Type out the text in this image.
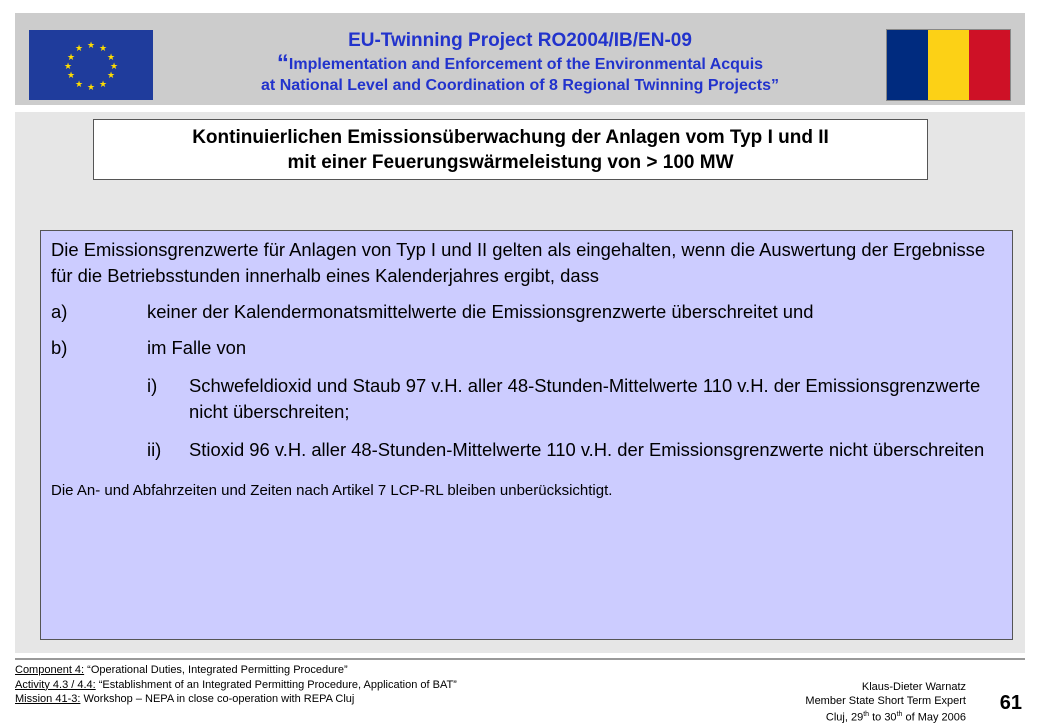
★ ★
★
★
★
★
★
★
★
★
★
★	EU-Twinning Project RO2004/IB/EN-09
“Implementation and Enforcement of the Environmental Acquis
at National Level and Coordination of 8 Regional Twinning Projects”
Kontinuierlichen Emissionsüberwachung der Anlagen vom Typ I und II
mit einer Feuerungswärmeleistung von > 100 MW
Die Emissionsgrenzwerte für Anlagen von Typ I und II gelten als eingehalten, wenn die Auswertung der Ergebnisse für die Betriebsstunden innerhalb eines Kalenderjahres ergibt, dass
a)	keiner der Kalendermonatsmittelwerte die Emissionsgrenzwerte überschreitet und
b)	im Falle von
i) Schwefeldioxid und Staub 97 v.H. aller 48-Stunden-Mittelwerte 110 v.H. der Emissionsgrenzwerte nicht überschreiten;
ii) Stioxid 96 v.H. aller 48-Stunden-Mittelwerte 110 v.H. der Emissionsgrenzwerte nicht überschreiten
Die An- und Abfahrzeiten und Zeiten nach Artikel 7 LCP-RL bleiben unberücksichtigt.
Component 4: “Operational Duties, Integrated Permitting Procedure”
Activity 4.3 / 4.4: “Establishment of an Integrated Permitting Procedure, Application of BAT”
Mission 41-3: Workshop – NEPA in close co-operation with REPA Cluj
Klaus-Dieter Warnatz
Member State Short Term Expert
Cluj, 29th to 30th of May 2006
61
